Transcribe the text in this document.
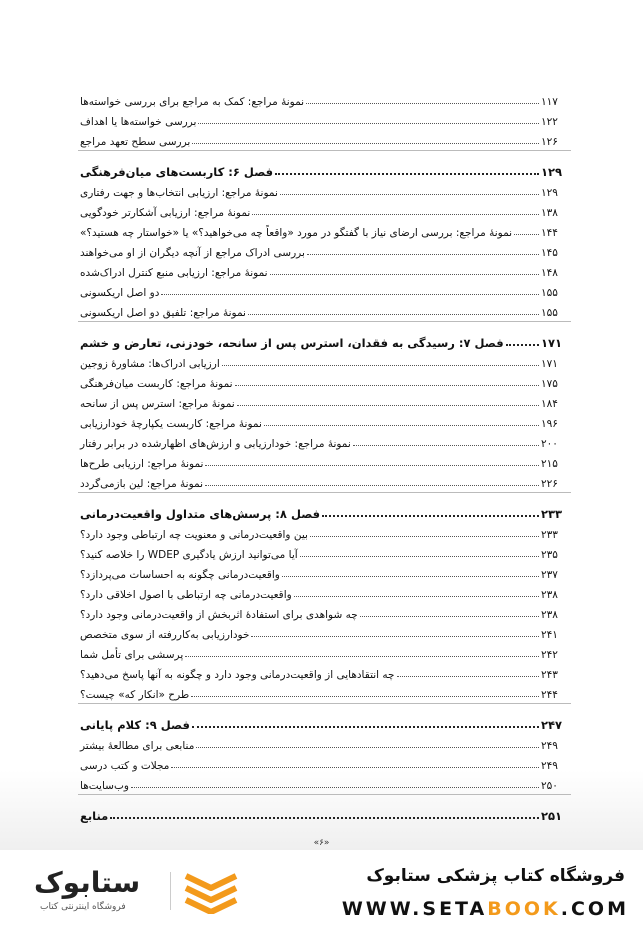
نمونهٔ مراجع: کمک به مراجع برای بررسی خواسته‌ها	۱۱۷
بررسی خواسته‌ها یا اهداف	۱۲۲
بررسی سطح تعهد مراجع	۱۲۶
فصل ۶: کاربست‌های میان‌فرهنگی	۱۲۹
نمونهٔ مراجع: ارزیابی انتخاب‌ها و جهت رفتاری	۱۲۹
نمونهٔ مراجع: ارزیابی آشکارتر خودگویی	۱۳۸
نمونهٔ مراجع: بررسی ارضای نیاز با گفتگو در مورد «واقعاً چه می‌خواهید؟» یا «خواستار چه هستید؟»	۱۴۴
بررسی ادراک مراجع از آنچه دیگران از او می‌خواهند	۱۴۵
نمونهٔ مراجع: ارزیابی منبع کنترل ادراک‌شده	۱۴۸
دو اصل اریکسونی	۱۵۵
نمونهٔ مراجع: تلفیق دو اصل اریکسونی	۱۵۵
فصل ۷: رسیدگی به فقدان، استرس پس از سانحه، خودزنی، تعارض و خشم	۱۷۱
ارزیابی ادراک‌ها: مشاورهٔ زوجین	۱۷۱
نمونهٔ مراجع: کاربست میان‌فرهنگی	۱۷۵
نمونهٔ مراجع: استرس پس از سانحه	۱۸۴
نمونهٔ مراجع: کاربست یکپارچهٔ خودارزیابی	۱۹۶
نمونهٔ مراجع: خودارزیابی و ارزش‌های اظهارشده در برابر رفتار	۲۰۰
نمونهٔ مراجع: ارزیابی طرح‌ها	۲۱۵
نمونهٔ مراجع: لین بازمی‌گردد	۲۲۶
فصل ۸: پرسش‌های متداول واقعیت‌درمانی	۲۳۳
بین واقعیت‌درمانی و معنویت چه ارتباطی وجود دارد؟	۲۳۳
آیا می‌توانید ارزش یادگیری WDEP را خلاصه کنید؟	۲۳۵
واقعیت‌درمانی چگونه به احساسات می‌پردازد؟	۲۳۷
واقعیت‌درمانی چه ارتباطی با اصول اخلاقی دارد؟	۲۳۸
چه شواهدی برای استفادهٔ اثربخش از واقعیت‌درمانی وجود دارد؟	۲۳۸
خودارزیابی به‌کاررفته از سوی متخصص	۲۴۱
پرسشی برای تأمل شما	۲۴۲
چه انتقادهایی از واقعیت‌درمانی وجود دارد و چگونه به آنها پاسخ می‌دهید؟	۲۴۳
طرح «انکار که» چیست؟	۲۴۴
فصل ۹: کلام پایانی	۲۴۷
منابعی برای مطالعهٔ بیشتر	۲۴۹
مجلات و کتب درسی	۲۴۹
وب‌سایت‌ها	۲۵۰
منابع	۲۵۱
«۶»
ستابوک
فروشگاه اینترنتی کتاب
فروشگاه کتاب پزشکی ستابوک
WWW.SETABOOK.COM
